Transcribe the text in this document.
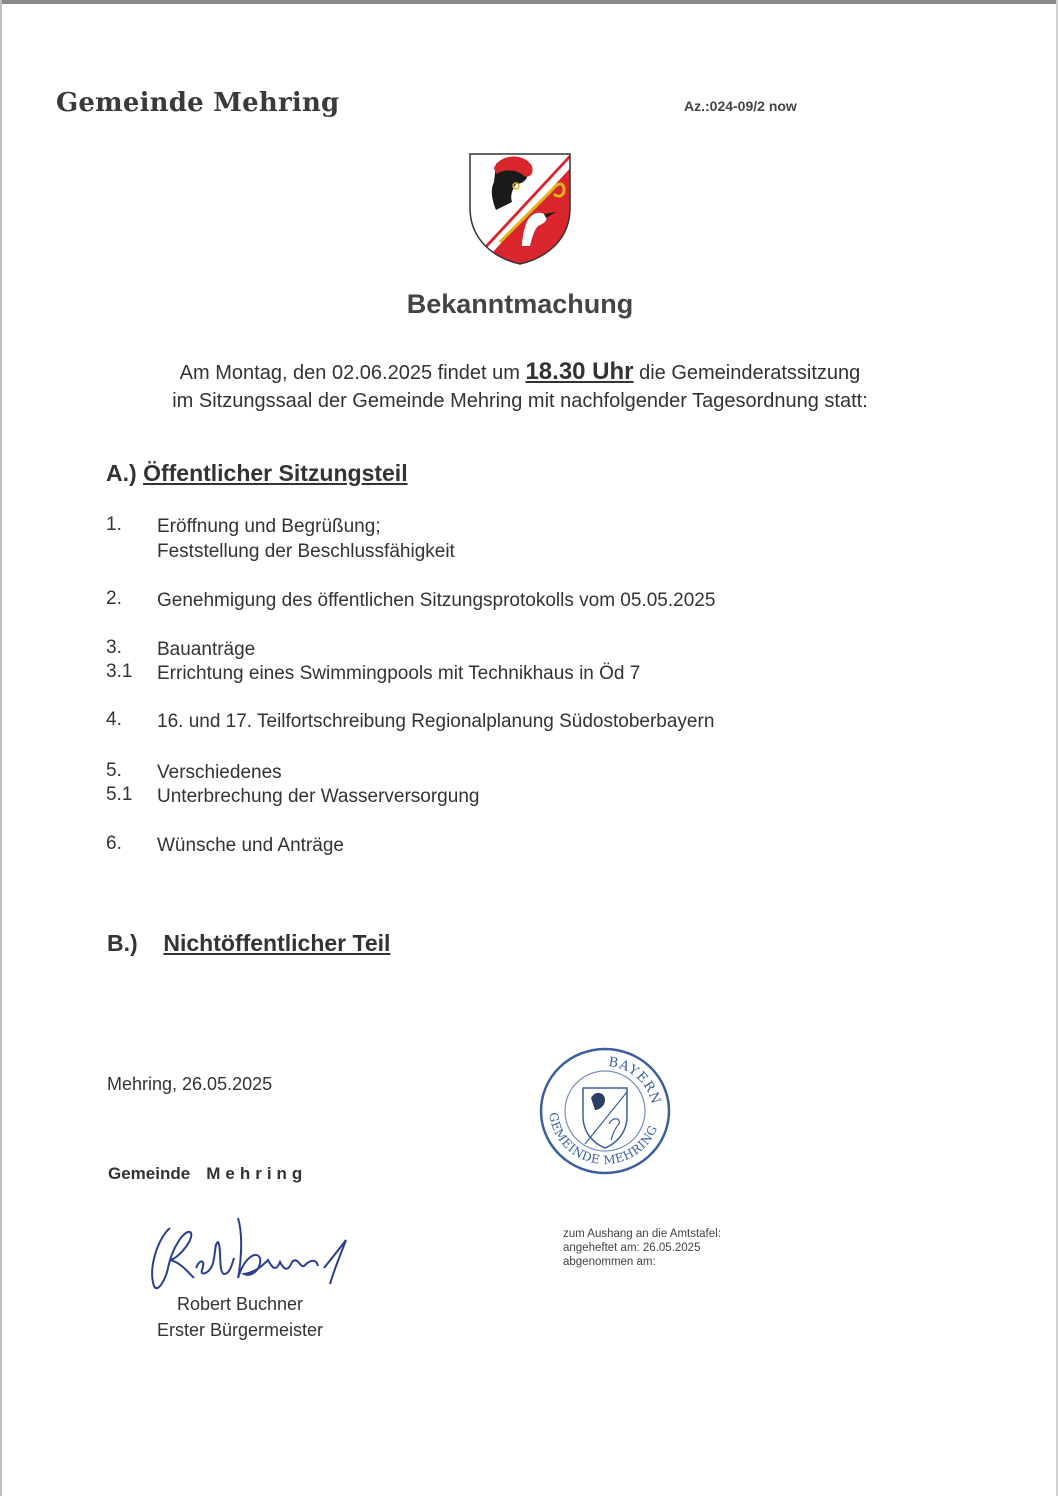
Gemeinde Mehring	Az.:024-09/2 now
Bekanntmachung
Am Montag, den 02.06.2025 findet um 18.30 Uhr die Gemeinderatssitzung
im Sitzungssaal der Gemeinde Mehring mit nachfolgender Tagesordnung statt:
A.) Öffentlicher Sitzungsteil
1.	Eröffnung und Begrüßung;
Feststellung der Beschlussfähigkeit
2.	Genehmigung des öffentlichen Sitzungsprotokolls vom 05.05.2025
3.	Bauanträge
3.1	Errichtung eines Swimmingpools mit Technikhaus in Öd 7
4.	16. und 17. Teilfortschreibung Regionalplanung Südostoberbayern
5.	Verschiedenes
5.1	Unterbrechung der Wasserversorgung
6.	Wünsche und Anträge
B.) Nichtöffentlicher Teil
Mehring, 26.05.2025
BAYERN
GEMEINDE MEHRING
Gemeinde Mehring
Robert Buchner
Erster Bürgermeister
zum Aushang an die Amtstafel:
angeheftet am: 26.05.2025
abgenommen am:
